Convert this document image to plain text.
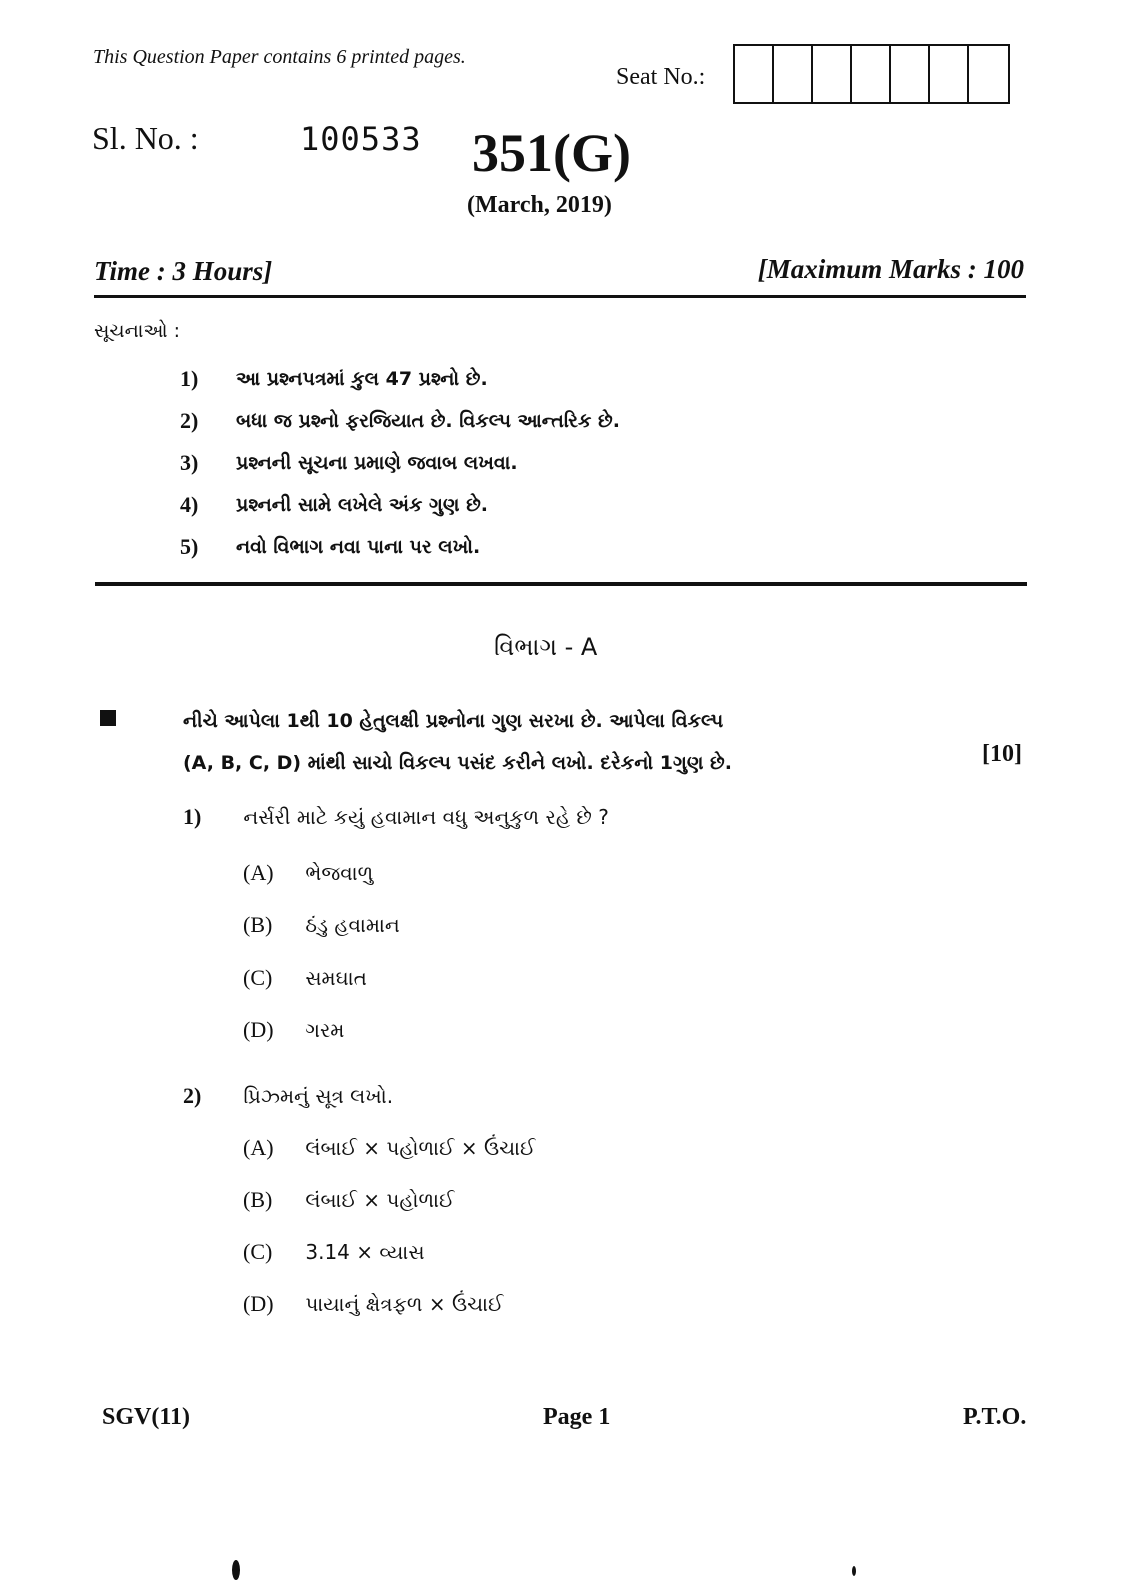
This Question Paper contains 6 printed pages.
Seat No.:
Sl. No. :	100533 351(G)
(March, 2019)
Time : 3 Hours]	[Maximum Marks : 100
સૂચનાઓ :
1)	આ પ્રશ્નપત્રમાં કુલ 47 પ્રશ્નો છે.
2)	બધા જ પ્રશ્નો ફરજિયાત છે. વિકલ્પ આન્તરિક છે.
3)	પ્રશ્નની સૂચના પ્રમાણે જવાબ લખવા.
4)	પ્રશ્નની સામે લખેલે અંક ગુણ છે.
5)	નવો વિભાગ નવા પાના પર લખો.
વિભાગ - A
નીચે આપેલા 1થી 10 હેતુલક્ષી પ્રશ્નોના ગુણ સરખા છે. આપેલા વિકલ્પ
(A, B, C, D) માંથી સાચો વિકલ્પ પસંદ કરીને લખો. દરેકનો 1ગુણ છે.	[10]
1) નર્સરી માટે કયું હવામાન વધુ અનુકુળ રહે છે ?
(A) ભેજવાળુ
(B) ઠંડુ હવામાન
(C) સમઘાત
(D) ગરમ
2) પ્રિઝ્મનું સૂત્ર લખો.
(A) લંબાઈ × પહોળાઈ × ઉંચાઈ
(B) લંબાઈ × પહોળાઈ
(C) 3.14 × વ્યાસ
(D) પાયાનું ક્ષેત્રફળ × ઉંચાઈ
SGV(11)	Page 1	P.T.O.
